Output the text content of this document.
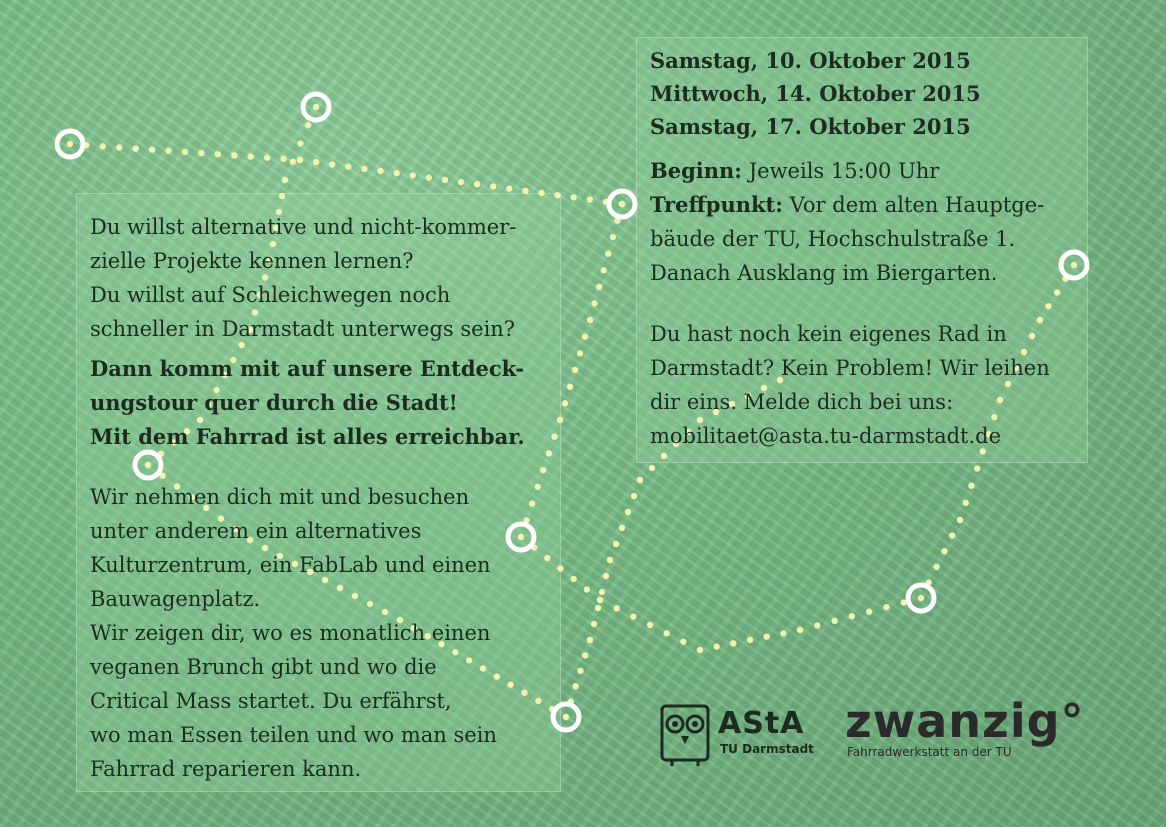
Du willst alternative und nicht-kommer-
zielle Projekte kennen lernen?
Du willst auf Schleichwegen noch
schneller in Darmstadt unterwegs sein?
Dann komm mit auf unsere Entdeck-
ungstour quer durch die Stadt!
Mit dem Fahrrad ist alles erreichbar.
Wir nehmen dich mit und besuchen
unter anderem ein alternatives
Kulturzentrum, ein FabLab und einen
Bauwagenplatz.
Wir zeigen dir, wo es monatlich einen
veganen Brunch gibt und wo die
Critical Mass startet. Du erfährst,
wo man Essen teilen und wo man sein
Fahrrad reparieren kann.
Samstag, 10. Oktober 2015
Mittwoch, 14. Oktober 2015
Samstag, 17. Oktober 2015
Beginn: Jeweils 15:00 Uhr
Treffpunkt: Vor dem alten Hauptge-
bäude der TU, Hochschulstraße 1.
Danach Ausklang im Biergarten.
Du hast noch kein eigenes Rad in
Darmstadt? Kein Problem! Wir leihen
dir eins. Melde dich bei uns:
mobilitaet@asta.tu-darmstadt.de
AStA
TU Darmstadt
zwanzig°
Fahrradwerkstatt an der TU
